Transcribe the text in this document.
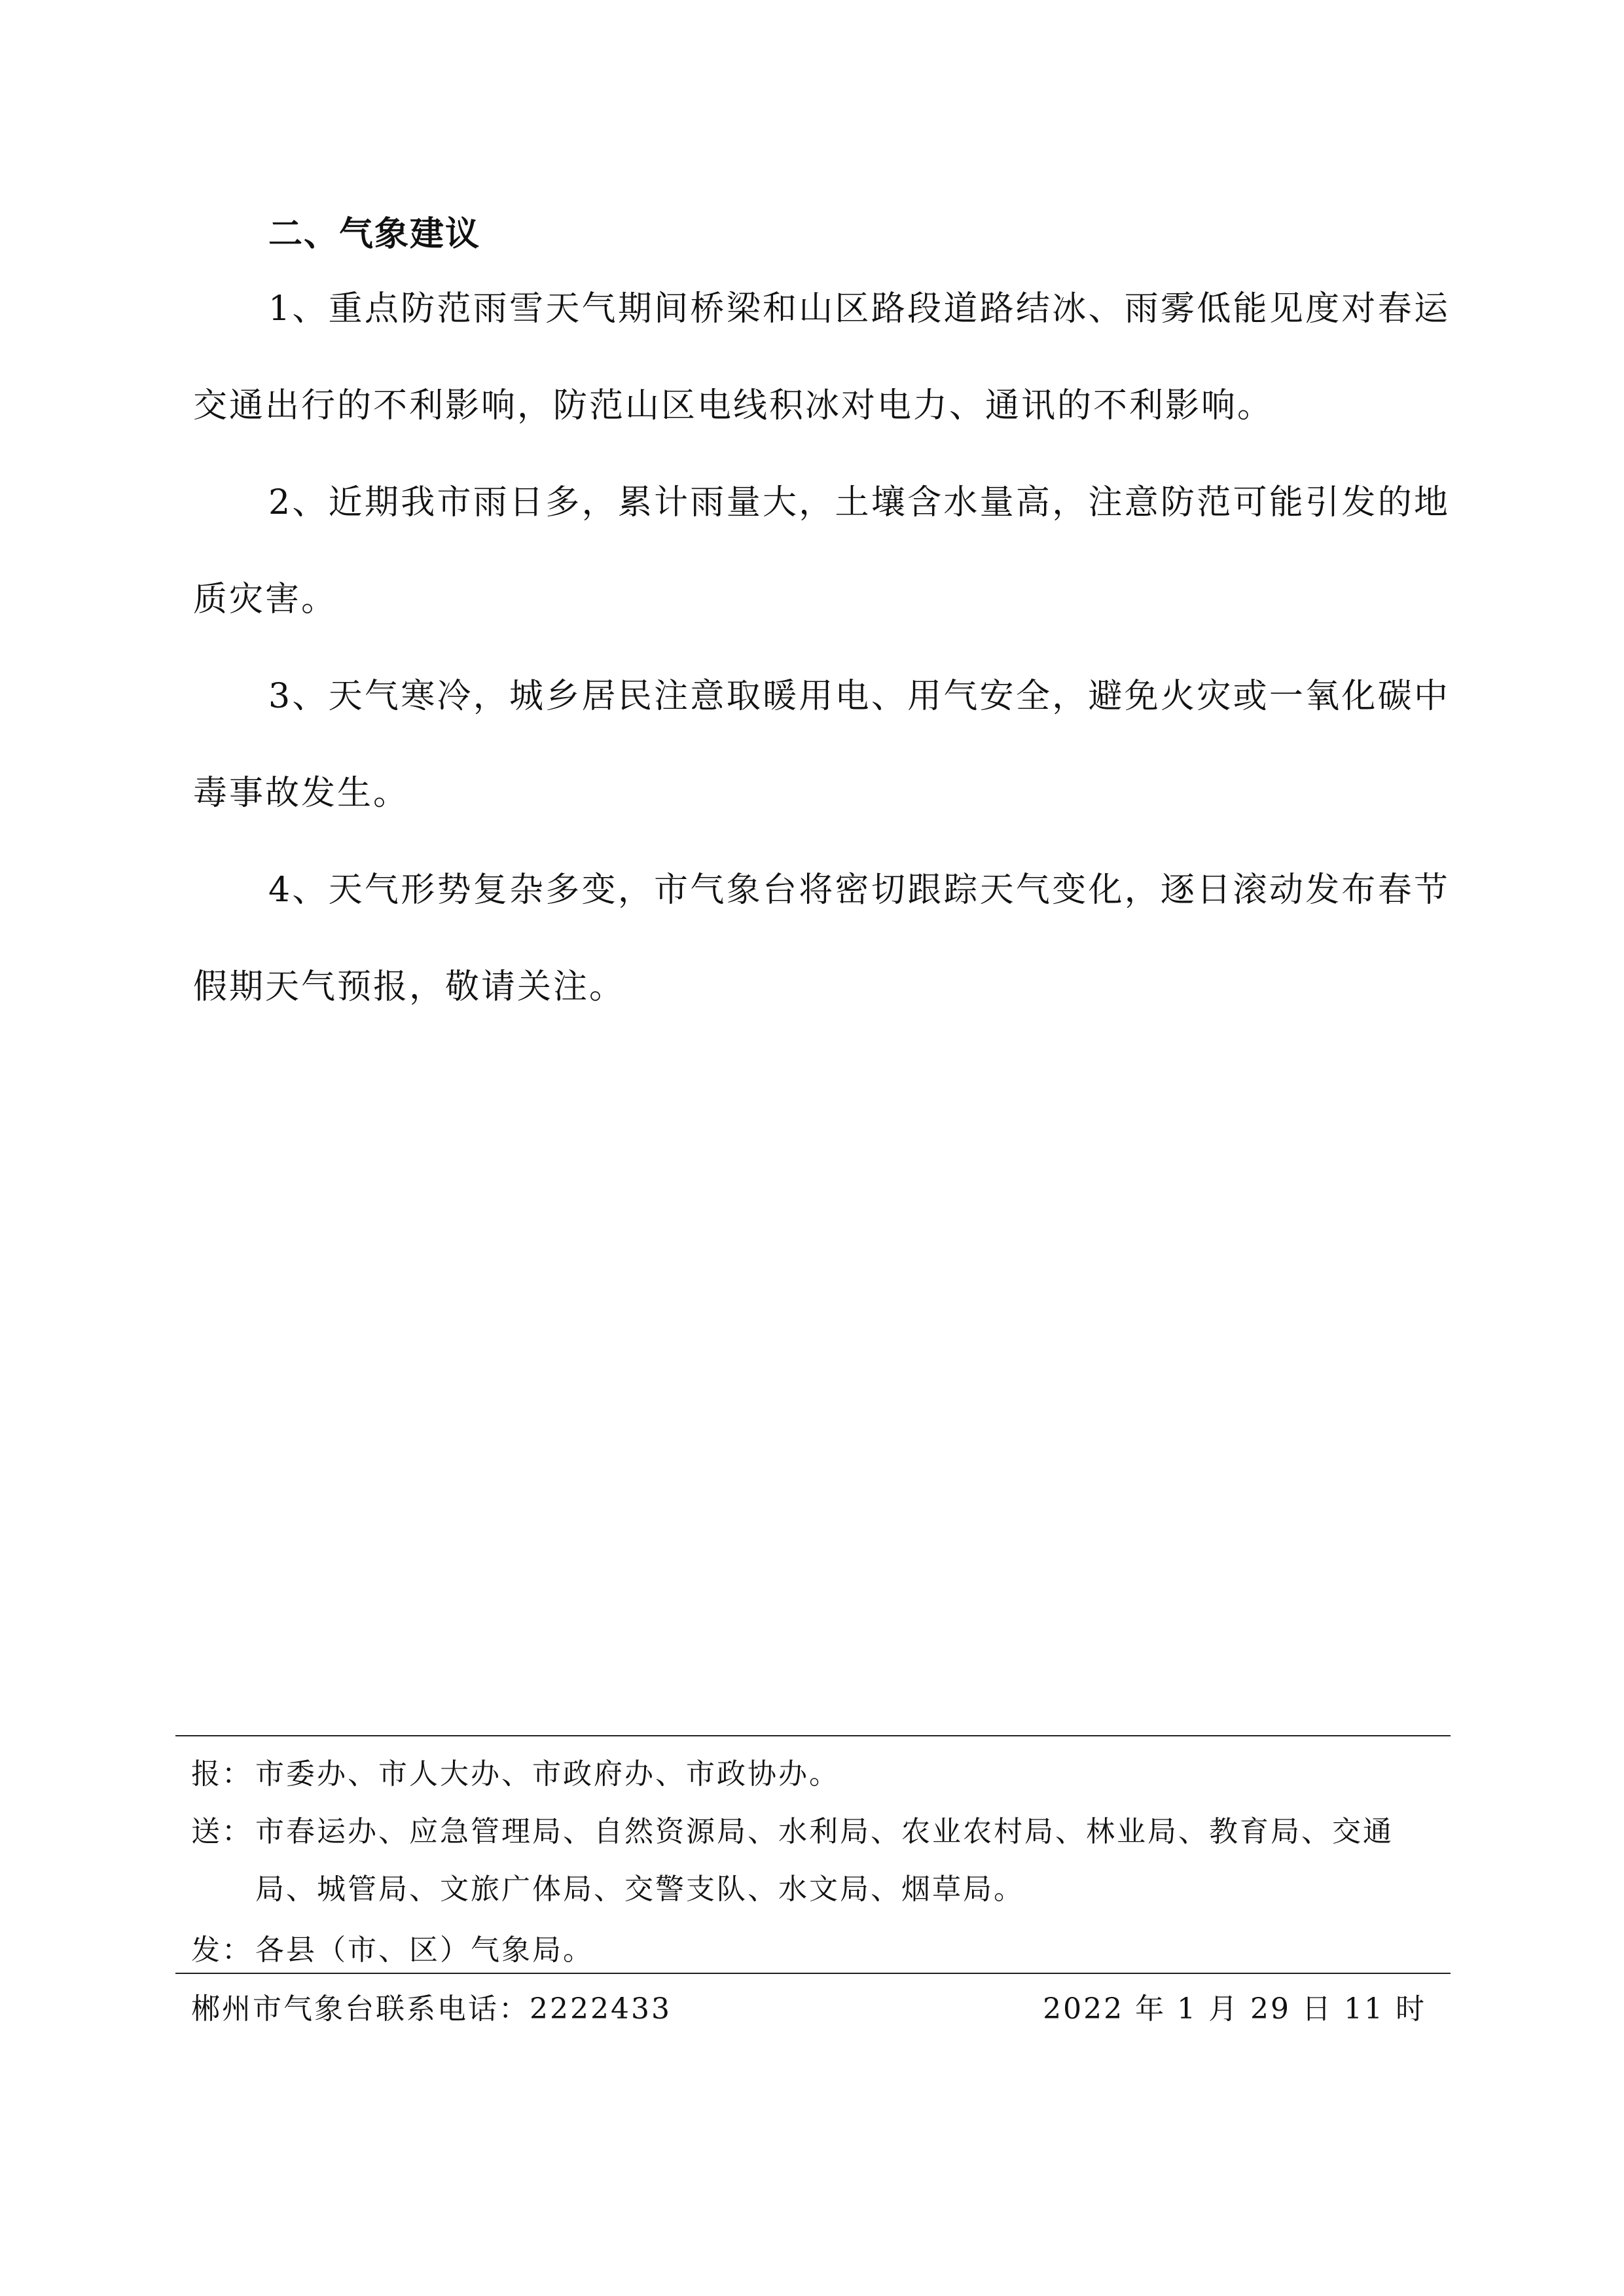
二、气象建议

1、重点防范雨雪天气期间桥梁和山区路段道路结冰、雨雾低能见度对春运交通出行的不利影响，防范山区电线积冰对电力、通讯的不利影响。

2、近期我市雨日多，累计雨量大，土壤含水量高，注意防范可能引发的地质灾害。

3、天气寒冷，城乡居民注意取暖用电、用气安全，避免火灾或一氧化碳中毒事故发生。

4、天气形势复杂多变，市气象台将密切跟踪天气变化，逐日滚动发布春节假期天气预报，敬请关注。

报：市委办、市人大办、市政府办、市政协办。
送：市春运办、应急管理局、自然资源局、水利局、农业农村局、林业局、教育局、交通
局、城管局、文旅广体局、交警支队、水文局、烟草局。
发：各县（市、区）气象局。
郴州市气象台联系电话：2222433	2022 年 1 月 29 日 11 时
